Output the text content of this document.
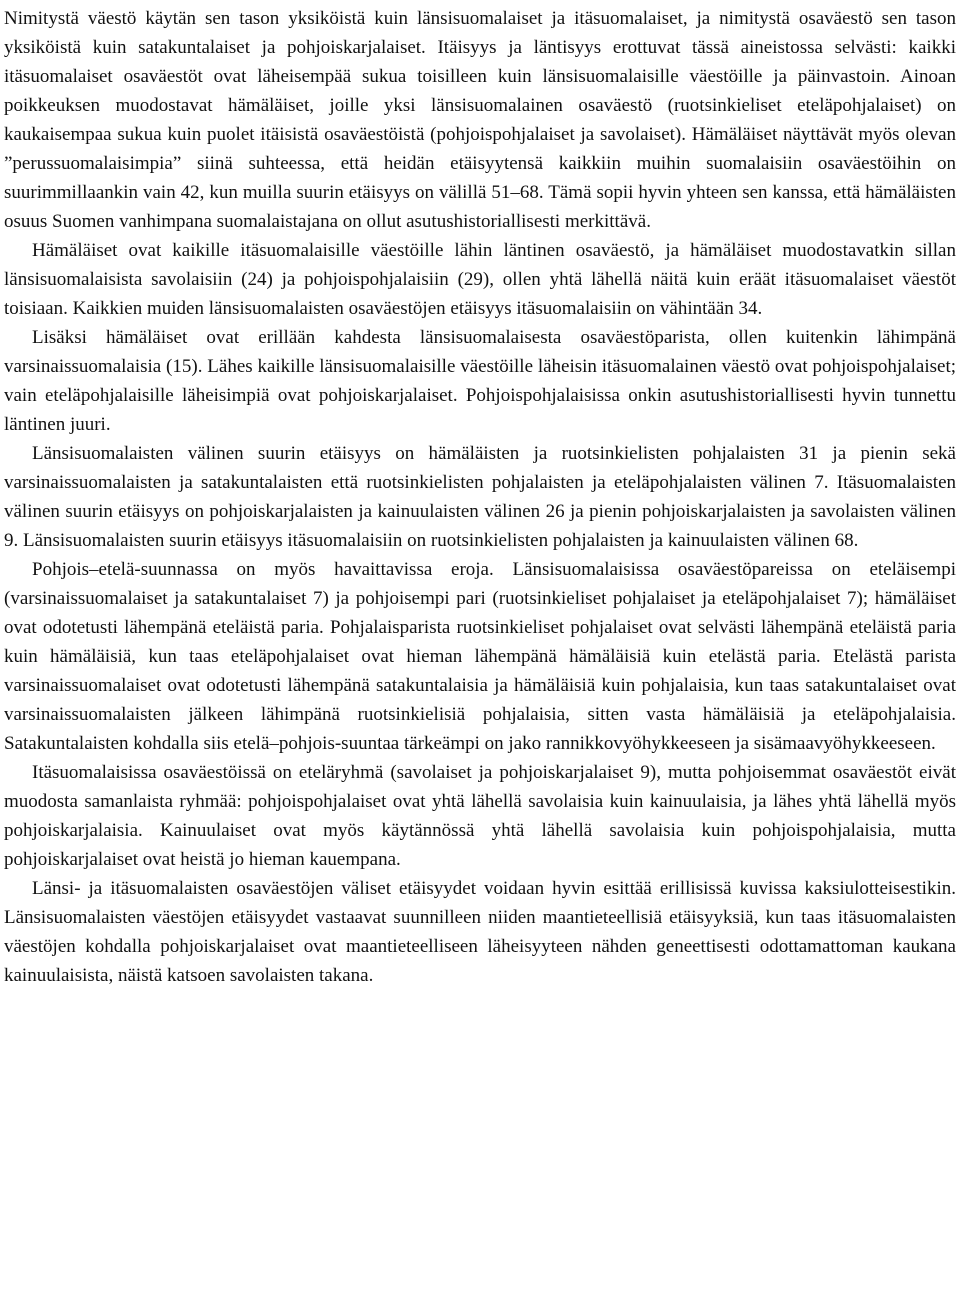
Nimitystä väestö käytän sen tason yksiköistä kuin länsisuomalaiset ja itäsuomalaiset, ja nimitystä osaväestö sen tason yksiköistä kuin satakuntalaiset ja pohjoiskarjalaiset. Itäisyys ja läntisyys erottuvat tässä aineistossa selvästi: kaikki itäsuomalaiset osaväestöt ovat läheisempää sukua toisilleen kuin länsisuomalaisille väestöille ja päinvastoin. Ainoan poikkeuksen muodostavat hämäläiset, joille yksi länsisuomalainen osaväestö (ruotsinkieliset eteläpohjalaiset) on kaukaisempaa sukua kuin puolet itäisistä osaväestöistä (pohjoispohjalaiset ja savolaiset). Hämäläiset näyttävät myös olevan ”perussuomalaisimpia” siinä suhteessa, että heidän etäisyytensä kaikkiin muihin suomalaisiin osaväestöihin on suurimmillaankin vain 42, kun muilla suurin etäisyys on välillä 51–68. Tämä sopii hyvin yhteen sen kanssa, että hämäläisten osuus Suomen vanhimpana suomalaistajana on ollut asutushistoriallisesti merkittävä.

Hämäläiset ovat kaikille itäsuomalaisille väestöille lähin läntinen osaväestö, ja hämäläiset muodostavatkin sillan länsisuomalaisista savolaisiin (24) ja pohjoispohjalaisiin (29), ollen yhtä lähellä näitä kuin eräät itäsuomalaiset väestöt toisiaan. Kaikkien muiden länsisuomalaisten osaväestöjen etäisyys itäsuomalaisiin on vähintään 34.

Lisäksi hämäläiset ovat erillään kahdesta länsisuomalaisesta osaväestöparista, ollen kuitenkin lähimpänä varsinaissuomalaisia (15). Lähes kaikille länsisuomalaisille väestöille läheisin itäsuomalainen väestö ovat pohjoispohjalaiset; vain eteläpohjalaisille läheisimpiä ovat pohjoiskarjalaiset. Pohjoispohjalaisissa onkin asutushistoriallisesti hyvin tunnettu läntinen juuri.

Länsisuomalaisten välinen suurin etäisyys on hämäläisten ja ruotsinkielisten pohjalaisten 31 ja pienin sekä varsinaissuomalaisten ja satakuntalaisten että ruotsinkielisten pohjalaisten ja eteläpohjalaisten välinen 7. Itäsuomalaisten välinen suurin etäisyys on pohjoiskarjalaisten ja kainuulaisten välinen 26 ja pienin pohjoiskarjalaisten ja savolaisten välinen 9. Länsisuomalaisten suurin etäisyys itäsuomalaisiin on ruotsinkielisten pohjalaisten ja kainuulaisten välinen 68.

Pohjois–etelä-suunnassa on myös havaittavissa eroja. Länsisuomalaisissa osaväestöpareissa on eteläisempi (varsinaissuomalaiset ja satakuntalaiset 7) ja pohjoisempi pari (ruotsinkieliset pohjalaiset ja eteläpohjalaiset 7); hämäläiset ovat odotetusti lähempänä eteläistä paria. Pohjalaisparista ruotsinkieliset pohjalaiset ovat selvästi lähempänä eteläistä paria kuin hämäläisiä, kun taas eteläpohjalaiset ovat hieman lähempänä hämäläisiä kuin etelästä paria. Etelästä parista varsinaissuomalaiset ovat odotetusti lähempänä satakuntalaisia ja hämäläisiä kuin pohjalaisia, kun taas satakuntalaiset ovat varsinaissuomalaisten jälkeen lähimpänä ruotsinkielisiä pohjalaisia, sitten vasta hämäläisiä ja eteläpohjalaisia. Satakuntalaisten kohdalla siis etelä–pohjois-suuntaa tärkeämpi on jako rannikkovyöhykkeeseen ja sisämaavyöhykkeeseen.

Itäsuomalaisissa osaväestöissä on eteläryhmä (savolaiset ja pohjoiskarjalaiset 9), mutta pohjoisemmat osaväestöt eivät muodosta samanlaista ryhmää: pohjoispohjalaiset ovat yhtä lähellä savolaisia kuin kainuulaisia, ja lähes yhtä lähellä myös pohjoiskarjalaisia. Kainuulaiset ovat myös käytännössä yhtä lähellä savolaisia kuin pohjoispohjalaisia, mutta pohjoiskarjalaiset ovat heistä jo hieman kauempana.

Länsi- ja itäsuomalaisten osaväestöjen väliset etäisyydet voidaan hyvin esittää erillisissä kuvissa kaksiulotteisestikin. Länsisuomalaisten väestöjen etäisyydet vastaavat suunnilleen niiden maantieteellisiä etäisyyksiä, kun taas itäsuomalaisten väestöjen kohdalla pohjoiskarjalaiset ovat maantieteelliseen läheisyyteen nähden geneettisesti odottamattoman kaukana kainuulaisista, näistä katsoen savolaisten takana.
